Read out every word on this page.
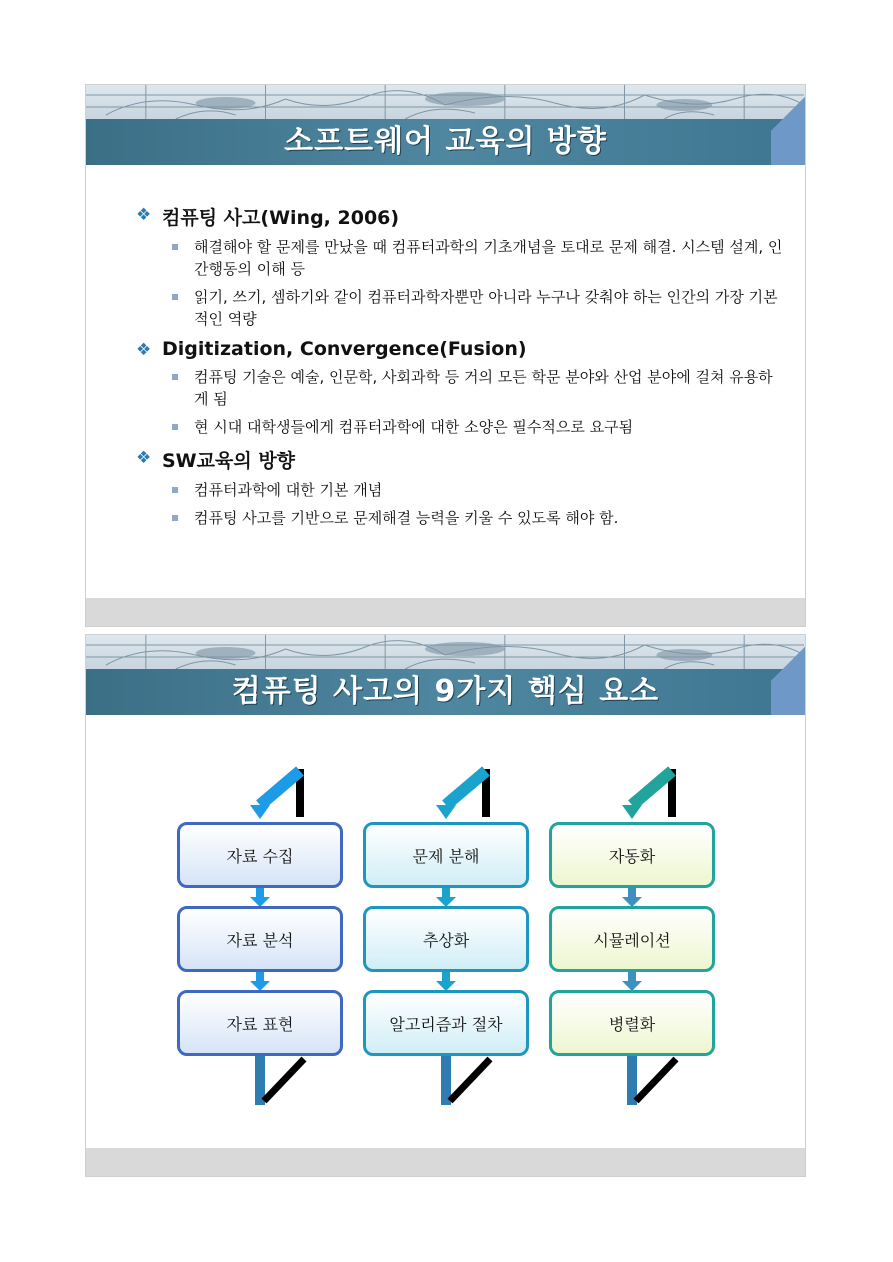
소프트웨어 교육의 방향
❖ 컴퓨팅 사고(Wing, 2006)
해결해야 할 문제를 만났을 때 컴퓨터과학의 기초개념을 토대로 문제 해결. 시스템 설계, 인간행동의 이해 등
읽기, 쓰기, 셈하기와 같이 컴퓨터과학자뿐만 아니라 누구나 갖춰야 하는 인간의 가장 기본적인 역량
❖ Digitization, Convergence(Fusion)
컴퓨팅 기술은 예술, 인문학, 사회과학 등 거의 모든 학문 분야와 산업 분야에 걸쳐 유용하게 됨
현 시대 대학생들에게 컴퓨터과학에 대한 소양은 필수적으로 요구됨
❖ SW교육의 방향
컴퓨터과학에 대한 기본 개념
컴퓨팅 사고를 기반으로 문제해결 능력을 키울 수 있도록 해야 함.
컴퓨팅 사고의 9가지 핵심 요소
자료 수집
자료 분석
자료 표현
문제 분해
추상화
알고리즘과 절차
자동화
시뮬레이션
병렬화
